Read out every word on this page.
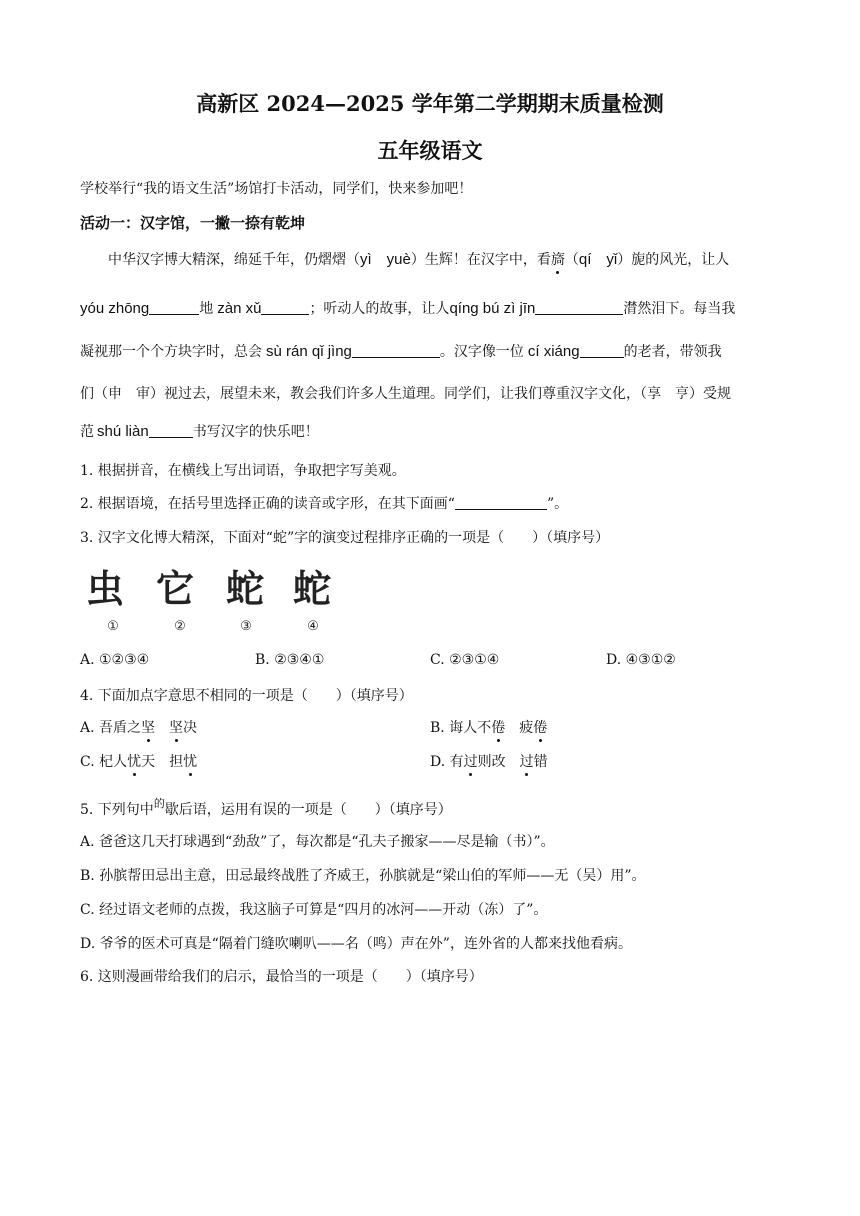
高新区 2024—2025 学年第二学期期末质量检测
五年级语文
学校举行“我的语文生活”场馆打卡活动，同学们，快来参加吧！
活动一：汉字馆，一撇一捺有乾坤
中华汉字博大精深，绵延千年，仍熠熠（yì　yuè）生辉！在汉字中，看旖（qí　yǐ）旎的风光，让人
yóu zhōng	地 zàn xǔ	；听动人的故事，让人qíng bú zì jīn	潸然泪下。每当我
凝视那一个个方块字时，总会 sù rán qǐ jìng	。汉字像一位 cí xiáng	的老者，带领我
们（申　审）视过去，展望未来，教会我们许多人生道理。同学们，让我们尊重汉字文化，（享　亨）受规
范 shú liàn	书写汉字的快乐吧！
1. 根据拼音，在横线上写出词语，争取把字写美观。
2. 根据语境，在括号里选择正确的读音或字形，在其下面画“	”。
3. 汉字文化博大精深，下面对“蛇”字的演变过程排序正确的一项是（　　）（填序号）
虫 它 蛇 蛇
①	②	③	④
A. ①②③④	B. ②③④①	C. ②③①④	D. ④③①②
4. 下面加点字意思不相同的一项是（　　）（填序号）
A. 吾盾之坚　 坚决	B. 诲人不倦　疲倦
C. 杞人忧天　担忧	D. 有过则改　过错
5. 下列句中$^的$歇后语，运用有误的一项是（　　）（填序号）
A. 爸爸这几天打球遇到“劲敌”了，每次都是“孔夫子搬家——尽是输（书）”。
B. 孙膑帮田忌出主意，田忌最终战胜了齐威王，孙膑就是“梁山伯的军师——无（吴）用”。
C. 经过语文老师的点拨，我这脑子可算是“四月的冰河——开动（冻）了”。
D. 爷爷的医术可真是“隔着门缝吹喇叭——名（鸣）声在外”，连外省的人都来找他看病。
6. 这则漫画带给我们的启示，最恰当的一项是（　　）（填序号）
